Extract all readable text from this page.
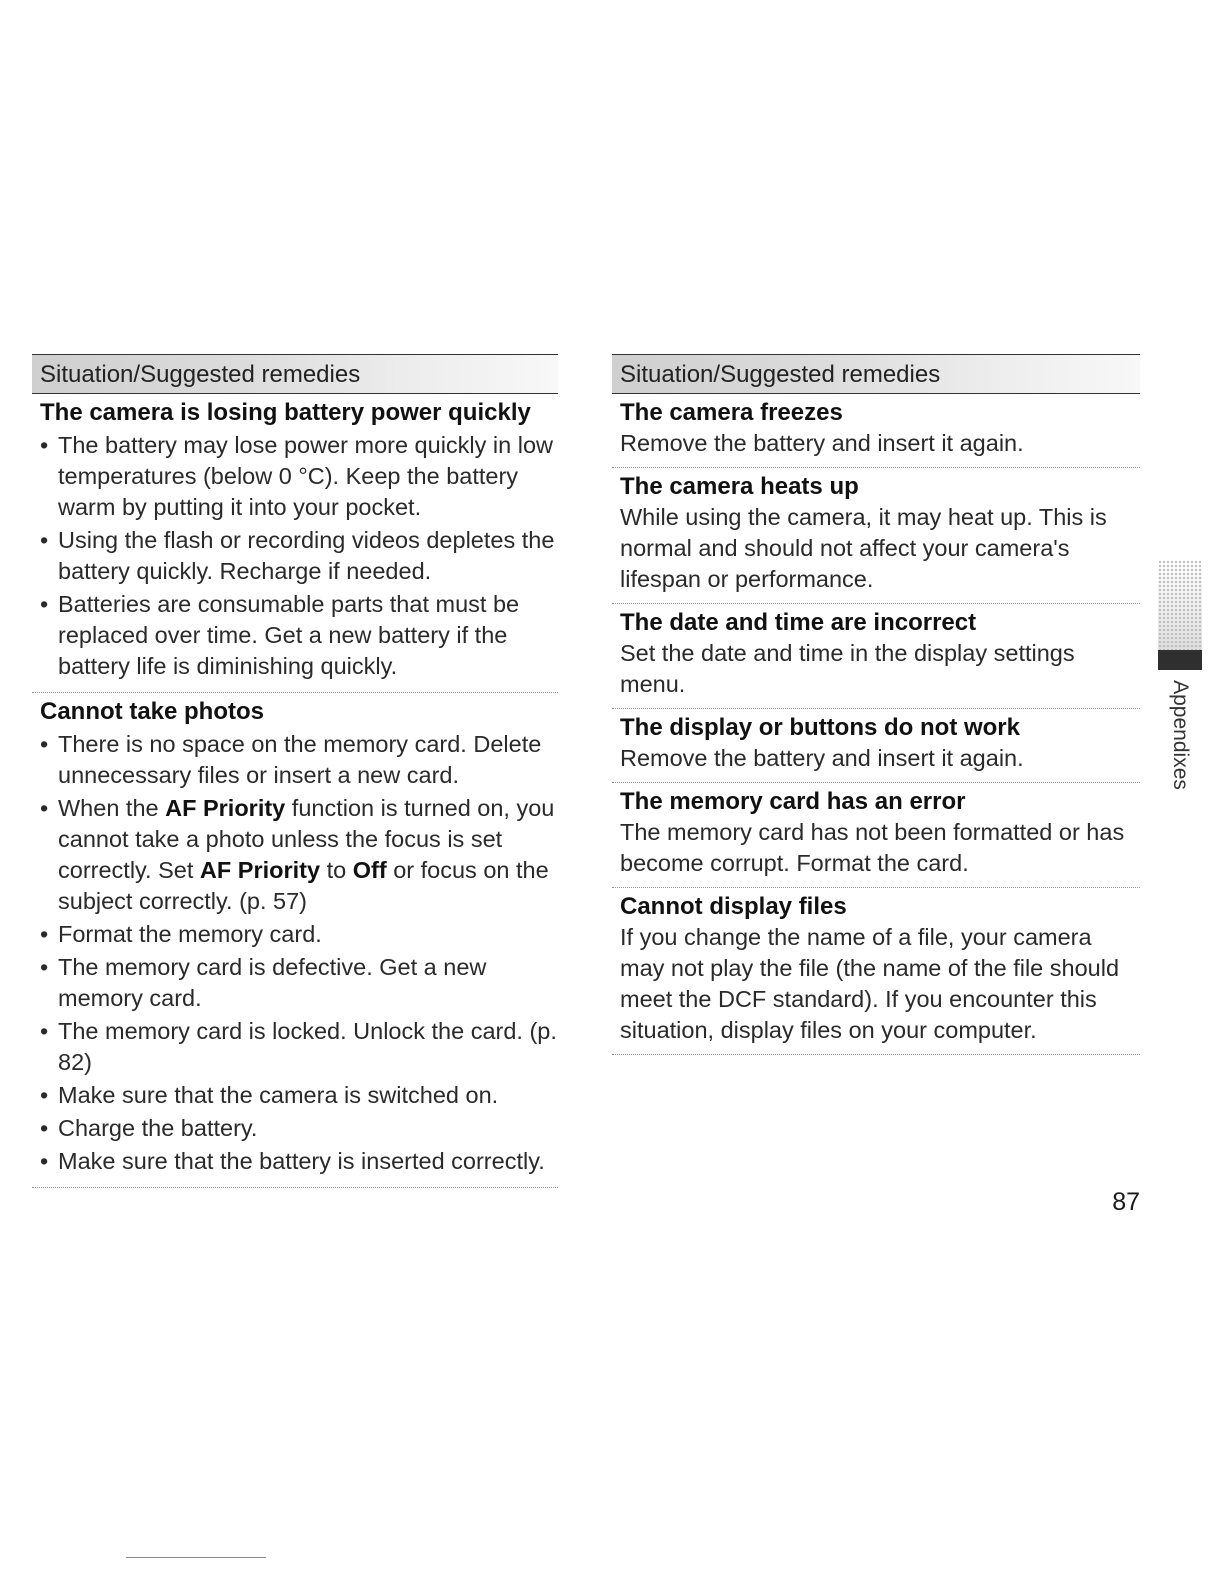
Situation/Suggested remedies
The camera is losing battery power quickly
• The battery may lose power more quickly in low temperatures (below 0 °C). Keep the battery warm by putting it into your pocket.
• Using the flash or recording videos depletes the battery quickly. Recharge if needed.
• Batteries are consumable parts that must be replaced over time. Get a new battery if the battery life is diminishing quickly.
Cannot take photos
• There is no space on the memory card. Delete unnecessary files or insert a new card.
• When the AF Priority function is turned on, you cannot take a photo unless the focus is set correctly. Set AF Priority to Off or focus on the subject correctly. (p. 57)
• Format the memory card.
• The memory card is defective. Get a new memory card.
• The memory card is locked. Unlock the card. (p. 82)
• Make sure that the camera is switched on.
• Charge the battery.
• Make sure that the battery is inserted correctly.
Situation/Suggested remedies
The camera freezes
Remove the battery and insert it again.
The camera heats up
While using the camera, it may heat up. This is normal and should not affect your camera's lifespan or performance.
The date and time are incorrect
Set the date and time in the display settings menu.
The display or buttons do not work
Remove the battery and insert it again.
The memory card has an error
The memory card has not been formatted or has become corrupt. Format the card.
Cannot display files
If you change the name of a file, your camera may not play the file (the name of the file should meet the DCF standard). If you encounter this situation, display files on your computer.
Appendixes
87
